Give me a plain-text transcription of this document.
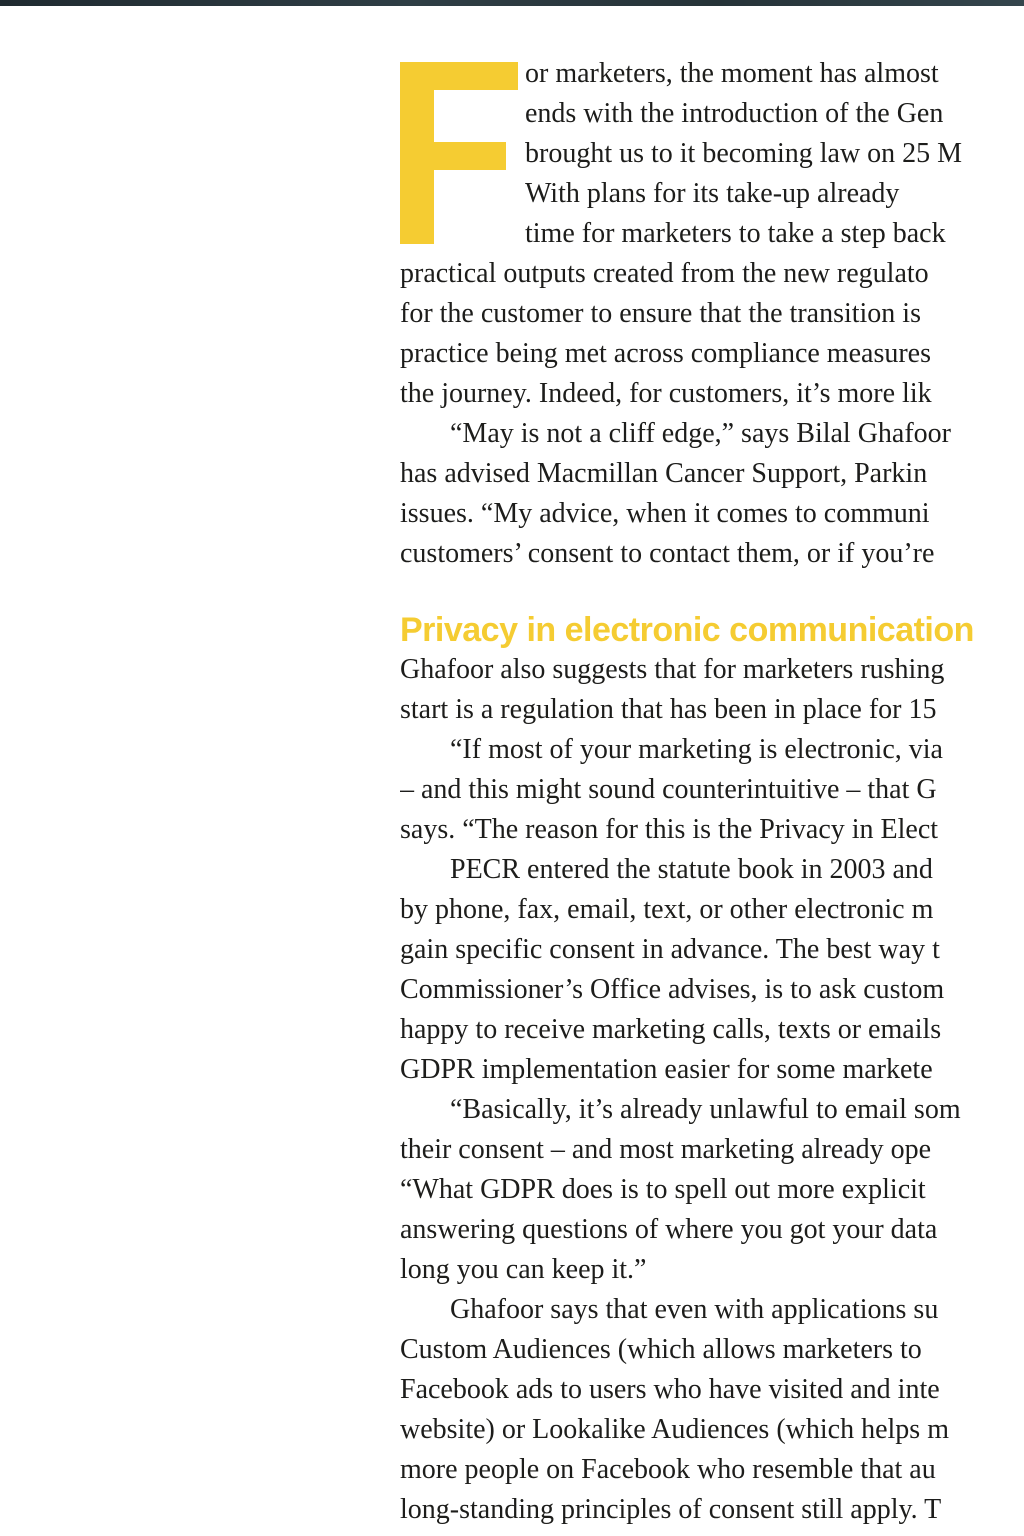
or marketers, the moment has almost
ends with the introduction of the Gen
brought us to it becoming law on 25 M
With plans for its take-up already
time for marketers to take a step back
practical outputs created from the new regulato
for the customer to ensure that the transition is
practice being met across compliance measures
the journey. Indeed, for customers, it’s more lik
“May is not a cliff edge,” says Bilal Ghafoor
has advised Macmillan Cancer Support, Parkin
issues. “My advice, when it comes to communi
customers’ consent to contact them, or if you’re
Privacy in electronic communication
Ghafoor also suggests that for marketers rushing
start is a regulation that has been in place for 15
“If most of your marketing is electronic, via
– and this might sound counterintuitive – that G
says. “The reason for this is the Privacy in Elect
PECR entered the statute book in 2003 and
by phone, fax, email, text, or other electronic m
gain specific consent in advance. The best way t
Commissioner’s Office advises, is to ask custom
happy to receive marketing calls, texts or emails
GDPR implementation easier for some markete
“Basically, it’s already unlawful to email som
their consent – and most marketing already ope
“What GDPR does is to spell out more explicit
answering questions of where you got your data
long you can keep it.”
Ghafoor says that even with applications su
Custom Audiences (which allows marketers to
Facebook ads to users who have visited and inte
website) or Lookalike Audiences (which helps m
more people on Facebook who resemble that au
long-standing principles of consent still apply. T
